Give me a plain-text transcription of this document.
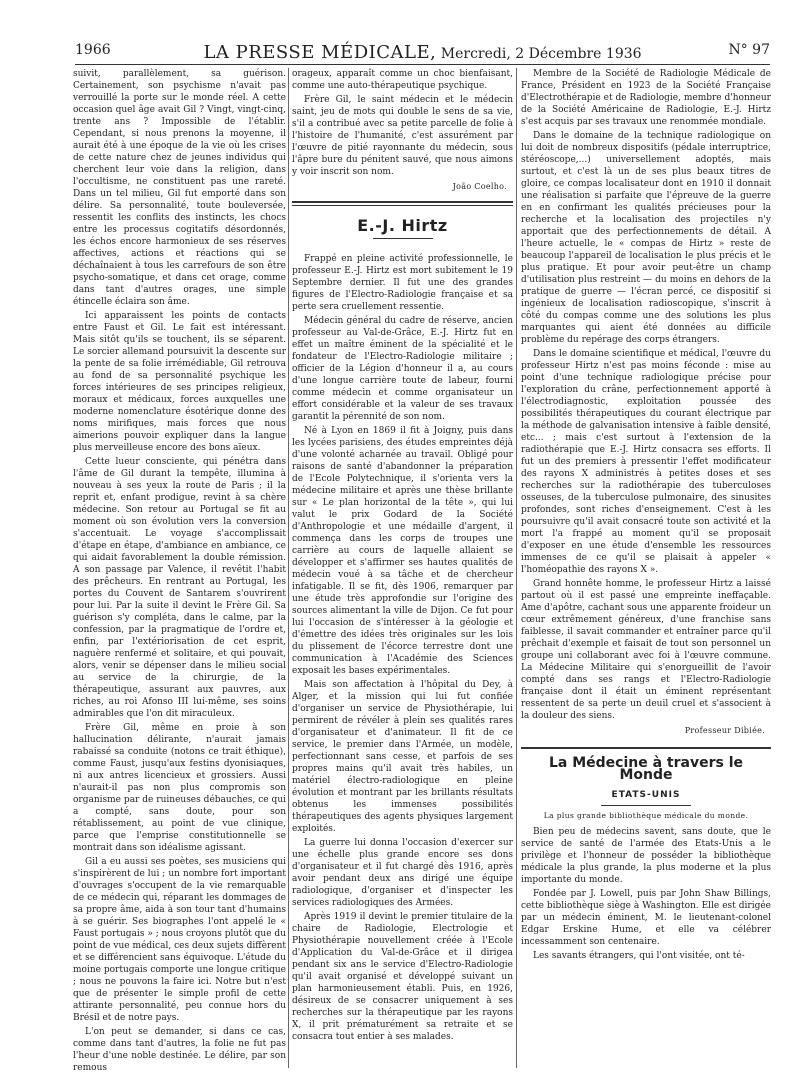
1966	LA PRESSE MÉDICALE, Mercredi, 2 Décembre 1936	N° 97

suivit, parallèlement, sa guérison. Certainement, son psychisme n'avait pas verrouillé la porte sur le monde réel. A cette occasion quel âge avait Gil ? Vingt, vingt-cinq, trente ans ? Impossible de l'établir. Cependant, si nous prenons la moyenne, il aurait été à une époque de la vie où les crises de cette nature chez de jeunes individus qui cherchent leur voie dans la religion, dans l'occultisme, ne constituent pas une rareté. Dans un tel milieu, Gil fut emporté dans son délire. Sa personnalité, toute bouleversée, ressentit les conflits des instincts, les chocs entre les processus cogitatifs désordonnés, les échos encore harmonieux de ses réserves affectives, actions et réactions qui se déchaînaient à tous les carrefours de son être psycho-somatique, et dans cet orage, comme dans tant d'autres orages, une simple étincelle éclaira son âme.

Ici apparaissent les points de contacts entre Faust et Gil. Le fait est intéressant. Mais sitôt qu'ils se touchent, ils se séparent. Le sorcier allemand poursuivit la descente sur la pente de sa folie irrémédiable, Gil retrouva au fond de sa personnalité psychique les forces intérieures de ses principes religieux, moraux et médicaux, forces auxquelles une moderne nomenclature ésotérique donne des noms mirifiques, mais forces que nous aimerions pouvoir expliquer dans la langue plus merveilleuse encore des bons aïeux.

Cette lueur consciente, qui pénétra dans l'âme de Gil durant la tempête, illumina à nouveau à ses yeux la route de Paris ; il la reprit et, enfant prodigue, revint à sa chère médecine. Son retour au Portugal se fit au moment où son évolution vers la conversion s'accentuait. Le voyage s'accomplissait d'étape en étape, d'ambiance en ambiance, ce qui aidait favorablement la double rémission. A son passage par Valence, il revêtit l'habit des prêcheurs. En rentrant au Portugal, les portes du Couvent de Santarem s'ouvrirent pour lui. Par la suite il devint le Frère Gil. Sa guérison s'y compléta, dans le calme, par la confession, par la pragmatique de l'ordre et, enfin, par l'extériorisation de cet esprit, naguère renfermé et solitaire, et qui pouvait, alors, venir se dépenser dans le milieu social au service de la chirurgie, de la thérapeutique, assurant aux pauvres, aux riches, au roi Afonso III lui-même, ses soins admirables que l'on dit miraculeux.

Frère Gil, même en proie à son hallucination délirante, n'aurait jamais rabaissé sa conduite (notons ce trait éthique), comme Faust, jusqu'aux festins dyonisiaques, ni aux antres licencieux et grossiers. Aussi n'aurait-il pas non plus compromis son organisme par de ruineuses débauches, ce qui a compté, sans doute, pour son rétablissement, au point de vue clinique, parce que l'emprise constitutionnelle se montrait dans son idéalisme agissant.

Gil a eu aussi ses poètes, ses musiciens qui s'inspirèrent de lui ; un nombre fort important d'ouvrages s'occupent de la vie remarquable de ce médecin qui, réparant les dommages de sa propre âme, aida à son tour tant d'humains à se guérir. Ses biographes l'ont appelé le « Faust portugais » ; nous croyons plutôt que du point de vue médical, ces deux sujets diffèrent et se différencient sans équivoque. L'étude du moine portugais comporte une longue critique ; nous ne pouvons la faire ici. Notre but n'est que de présenter le simple profil de cette attirante personnalité, peu connue hors du Brésil et de notre pays.

L'on peut se demander, si dans ce cas, comme dans tant d'autres, la folie ne fut pas l'heur d'une noble destinée. Le délire, par son remous

orageux, apparaît comme un choc bienfaisant, comme une auto-thérapeutique psychique.

Frère Gil, le saint médecin et le médecin saint, jeu de mots qui double le sens de sa vie, s'il a contribué avec sa petite parcelle de folie à l'histoire de l'humanité, c'est assurément par l'œuvre de pitié rayonnante du médecin, sous l'âpre bure du pénitent sauvé, que nous aimons y voir inscrit son nom.

João Coelho.
E.-J. Hirtz

Frappé en pleine activité professionnelle, le professeur E.-J. Hirtz est mort subitement le 19 Septembre dernier. Il fut une des grandes figures de l'Electro-Radiologie française et sa perte sera cruellement ressentie.

Médecin général du cadre de réserve, ancien professeur au Val-de-Grâce, E.-J. Hirtz fut en effet un maître éminent de la spécialité et le fondateur de l'Electro-Radiologie militaire ; officier de la Légion d'honneur il a, au cours d'une longue carrière toute de labeur, fourni comme médecin et comme organisateur un effort considérable et la valeur de ses travaux garantit la pérennité de son nom.

Né à Lyon en 1869 il fit à Joigny, puis dans les lycées parisiens, des études empreintes déjà d'une volonté acharnée au travail. Obligé pour raisons de santé d'abandonner la préparation de l'Ecole Polytechnique, il s'orienta vers la médecine militaire et après une thèse brillante sur « Le plan horizontal de la tête », qui lui valut le prix Godard de la Société d'Anthropologie et une médaille d'argent, il commença dans les corps de troupes une carrière au cours de laquelle allaient se développer et s'affirmer ses hautes qualités de médecin voué à sa tâche et de chercheur infatigable. Il se fit, dès 1906, remarquer par une étude très approfondie sur l'origine des sources alimentant la ville de Dijon. Ce fut pour lui l'occasion de s'intéresser à la géologie et d'émettre des idées très originales sur les lois du plissement de l'écorce terrestre dont une communication à l'Académie des Sciences exposait les bases expérimentales.

Mais son affectation à l'hôpital du Dey, à Alger, et la mission qui lui fut confiée d'organiser un service de Physiothérapie, lui permirent de révéler à plein ses qualités rares d'organisateur et d'animateur. Il fit de ce service, le premier dans l'Armée, un modèle, perfectionnant sans cesse, et parfois de ses propres mains qu'il avait très habiles, un matériel électro-radiologique en pleine évolution et montrant par les brillants résultats obtenus les immenses possibilités thérapeutiques des agents physiques largement exploités.

La guerre lui donna l'occasion d'exercer sur une échelle plus grande encore ses dons d'organisateur et il fut chargé dès 1916, après avoir pendant deux ans dirigé une équipe radiologique, d'organiser et d'inspecter les services radiologiques des Armées.

Après 1919 il devint le premier titulaire de la chaire de Radiologie, Electrologie et Physiothérapie nouvellement créée à l'Ecole d'Application du Val-de-Grâce et il dirigea pendant six ans le service d'Electro-Radiologie qu'il avait organisé et développé suivant un plan harmonieusement établi. Puis, en 1926, désireux de se consacrer uniquement à ses recherches sur la thérapeutique par les rayons X, il prit prématurément sa retraite et se consacra tout entier à ses malades.

Membre de la Société de Radiologie Médicale de France, Président en 1923 de la Société Française d'Electrothérapie et de Radiologie, membre d'honneur de la Société Américaine de Radiologie, E.-J. Hirtz s'est acquis par ses travaux une renommée mondiale.

Dans le domaine de la technique radiologique on lui doit de nombreux dispositifs (pédale interruptrice, stéréoscope,...) universellement adoptés, mais surtout, et c'est là un de ses plus beaux titres de gloire, ce compas localisateur dont en 1910 il donnait une réalisation si parfaite que l'épreuve de la guerre en en confirmant les qualités précieuses pour la recherche et la localisation des projectiles n'y apportait que des perfectionnements de détail. A l'heure actuelle, le « compas de Hirtz » reste de beaucoup l'appareil de localisation le plus précis et le plus pratique. Et pour avoir peut-être un champ d'utilisation plus restreint — du moins en dehors de la pratique de guerre — l'écran percé, ce dispositif si ingénieux de localisation radioscopique, s'inscrit à côté du compas comme une des solutions les plus marquantes qui aient été données au difficile problème du repérage des corps étrangers.

Dans le domaine scientifique et médical, l'œuvre du professeur Hirtz n'est pas moins féconde : mise au point d'une technique radiologique précise pour l'exploration du crâne, perfectionnement apporté à l'électrodiagnostic, exploitation poussée des possibilités thérapeutiques du courant électrique par la méthode de galvanisation intensive à faible densité, etc... ; mais c'est surtout à l'extension de la radiothérapie que E.-J. Hirtz consacra ses efforts. Il fut un des premiers à pressentir l'effet modificateur des rayons X administrés à petites doses et ses recherches sur la radiothérapie des tuberculoses osseuses, de la tuberculose pulmonaire, des sinusites profondes, sont riches d'enseignement. C'est à les poursuivre qu'il avait consacré toute son activité et la mort l'a frappé au moment qu'il se proposait d'exposer en une étude d'ensemble les ressources immenses de ce qu'il se plaisait à appeler « l'homéopathie des rayons X ».

Grand honnête homme, le professeur Hirtz a laissé partout où il est passé une empreinte ineffaçable. Ame d'apôtre, cachant sous une apparente froideur un cœur extrêmement généreux, d'une franchise sans faiblesse, il savait commander et entraîner parce qu'il prêchait d'exemple et faisait de tout son personnel un groupe uni collaborant avec foi à l'œuvre commune. La Médecine Militaire qui s'enorgueillit de l'avoir compté dans ses rangs et l'Electro-Radiologie française dont il était un éminent représentant ressentent de sa perte un deuil cruel et s'associent à la douleur des siens.

Professeur Dibiée.
La Médecine à travers le Monde
ETATS-UNIS
La plus grande bibliothèque médicale du monde.

Bien peu de médecins savent, sans doute, que le service de santé de l'armée des Etats-Unis a le privilège et l'honneur de posséder la bibliothèque médicale la plus grande, la plus moderne et la plus importante du monde.

Fondée par J. Lowell, puis par John Shaw Billings, cette bibliothèque siège à Washington. Elle est dirigée par un médecin éminent, M. le lieutenant-colonel Edgar Erskine Hume, et elle va célébrer incessamment son centenaire.

Les savants étrangers, qui l'ont visitée, ont té-
